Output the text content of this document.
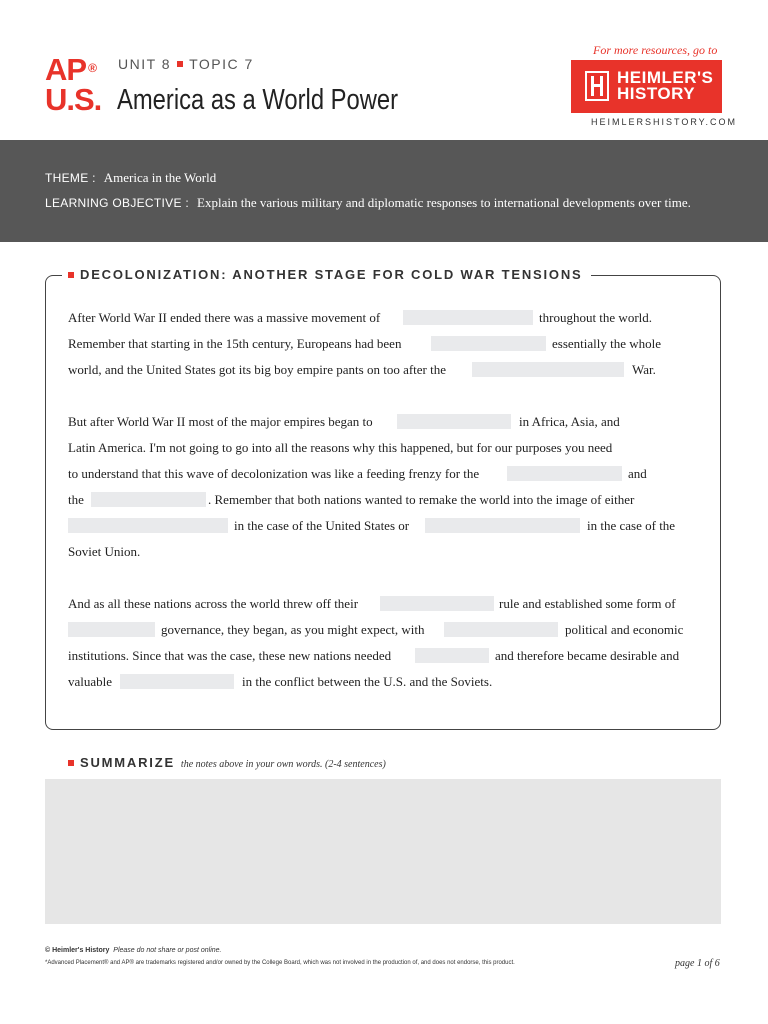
AP ®
U.S.
UNIT 8 TOPIC 7
America as a World Power
For more resources, go to
HEIMLER'S
HISTORY
HEIMLERSHISTORY.COM
THEME : America in the World
LEARNING OBJECTIVE : Explain the various military and diplomatic responses to international developments over time.
DECOLONIZATION: ANOTHER STAGE FOR COLD WAR TENSIONS
After World War II ended there was a massive movement of	throughout the world.
Remember that starting in the 15th century, Europeans had been	essentially the whole
world, and the United States got its big boy empire pants on too after the	War.
But after World War II most of the major empires began to	in Africa, Asia, and
Latin America. I'm not going to go into all the reasons why this happened, but for our purposes you need
to understand that this wave of decolonization was like a feeding frenzy for the	and
the	. Remember that both nations wanted to remake the world into the image of either
in the case of the United States or	in the case of the
Soviet Union.
And as all these nations across the world threw off their	rule and established some form of
governance, they began, as you might expect, with	political and economic
institutions. Since that was the case, these new nations needed	and therefore became desirable and
valuable	in the conflict between the U.S. and the Soviets.
SUMMARIZE the notes above in your own words. (2-4 sentences)
© Heimler's History Please do not share or post online.
*Advanced Placement® and AP® are trademarks registered and/or owned by the College Board, which was not involved in the production of, and does not endorse, this product.	page 1 of 6
